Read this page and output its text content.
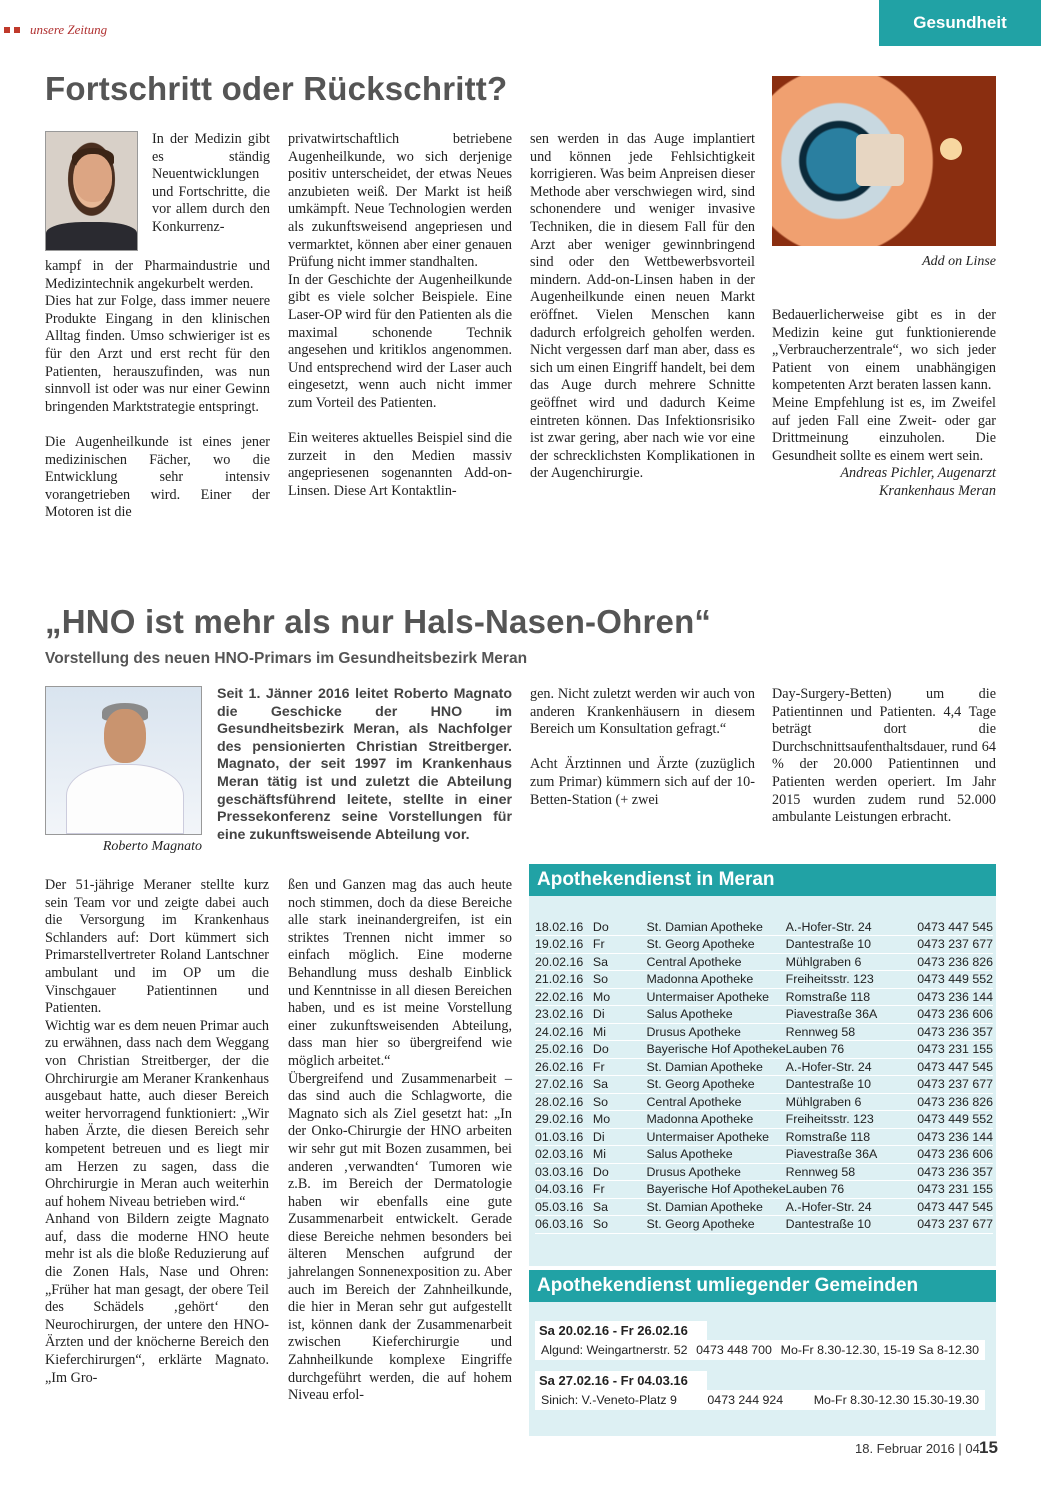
unsere Zeitung	Gesundheit
Fortschritt oder Rückschritt?

In der Medizin gibt es ständig Neuentwicklungen und Fortschritte, die vor allem durch den Konkurrenz-

kampf in der Pharmaindustrie und Medizintechnik angekurbelt werden.

Dies hat zur Folge, dass immer neuere Produkte Eingang in den klinischen Alltag finden. Umso schwieriger ist es für den Arzt und erst recht für den Patienten, herauszufinden, was nun sinnvoll ist oder was nur einer Gewinn bringenden Marktstrategie entspringt.

Die Augenheilkunde ist eines jener medizinischen Fächer, wo die Entwicklung sehr intensiv vorangetrieben wird. Einer der Motoren ist die

privatwirtschaftlich betriebene Augenheilkunde, wo sich derjenige positiv unterscheidet, der etwas Neues anzubieten weiß. Der Markt ist heiß umkämpft. Neue Technologien werden als zukunftsweisend angepriesen und vermarktet, können aber einer genauen Prüfung nicht immer standhalten.

In der Geschichte der Augenheilkunde gibt es viele solcher Beispiele. Eine Laser-OP wird für den Patienten als die maximal schonende Technik angesehen und kritiklos angenommen. Und entsprechend wird der Laser auch eingesetzt, wenn auch nicht immer zum Vorteil des Patienten.

Ein weiteres aktuelles Beispiel sind die zurzeit in den Medien massiv angepriesenen sogenannten Add-on-Linsen. Diese Art Kontaktlin-

sen werden in das Auge implantiert und können jede Fehlsichtigkeit korrigieren. Was beim Anpreisen dieser Methode aber verschwiegen wird, sind schonendere und weniger invasive Techniken, die in diesem Fall für den Arzt aber weniger gewinnbringend sind oder den Wettbewerbsvorteil mindern. Add-on-Linsen haben in der Augenheilkunde einen neuen Markt eröffnet. Vielen Menschen kann dadurch erfolgreich geholfen werden. Nicht vergessen darf man aber, dass es sich um einen Eingriff handelt, bei dem das Auge durch mehrere Schnitte geöffnet wird und dadurch Keime eintreten können. Das Infektionsrisiko ist zwar gering, aber nach wie vor eine der schrecklichsten Komplikationen in der Augenchirurgie.

Add on Linse

Bedauerlicherweise gibt es in der Medizin keine gut funktionierende „Verbraucherzentrale“, wo sich jeder Patient von einem unabhängigen kompetenten Arzt beraten lassen kann.

Meine Empfehlung ist es, im Zweifel auf jeden Fall eine Zweit- oder gar Drittmeinung einzuholen. Die Gesundheit sollte es einem wert sein.

Andreas Pichler, Augenarzt

Krankenhaus Meran

„HNO ist mehr als nur Hals-Nasen-Ohren“
Vorstellung des neuen HNO-Primars im Gesundheitsbezirk Meran
Roberto Magnato
Seit 1. Jänner 2016 leitet Roberto Magnato die Geschicke der HNO im Gesundheitsbezirk Meran, als Nachfolger des pensionierten Christian Streitberger. Magnato, der seit 1997 im Krankenhaus Meran tätig ist und zuletzt die Abteilung geschäftsführend leitete, stellte in einer Pressekonferenz seine Vorstellungen für eine zukunftsweisende Abteilung vor.

Der 51-jährige Meraner stellte kurz sein Team vor und zeigte dabei auch die Versorgung im Krankenhaus Schlanders auf: Dort kümmert sich Primarstellvertreter Roland Lantschner ambulant und im OP um die Vinschgauer Patientinnen und Patienten.

Wichtig war es dem neuen Primar auch zu erwähnen, dass nach dem Weggang von Christian Streitberger, der die Ohrchirurgie am Meraner Krankenhaus ausgebaut hatte, auch dieser Bereich weiter hervorragend funktioniert: „Wir haben Ärzte, die diesen Bereich sehr kompetent betreuen und es liegt mir am Herzen zu sagen, dass die Ohrchirurgie in Meran auch weiterhin auf hohem Niveau betrieben wird.“

Anhand von Bildern zeigte Magnato auf, dass die moderne HNO heute mehr ist als die bloße Reduzierung auf die Zonen Hals, Nase und Ohren: „Früher hat man gesagt, der obere Teil des Schädels ‚gehört‘ den Neurochirurgen, der untere den HNO-Ärzten und der knöcherne Bereich den Kieferchirurgen“, erklärte Magnato. „Im Gro-

ßen und Ganzen mag das auch heute noch stimmen, doch da diese Bereiche alle stark ineinandergreifen, ist ein striktes Trennen nicht immer so einfach möglich. Eine moderne Behandlung muss deshalb Einblick und Kenntnisse in all diesen Bereichen haben, und es ist meine Vorstellung einer zukunftsweisenden Abteilung, dass man hier so übergreifend wie möglich arbeitet.“

Übergreifend und Zusammenarbeit – das sind auch die Schlagworte, die Magnato sich als Ziel gesetzt hat: „In der Onko-Chirurgie der HNO arbeiten wir sehr gut mit Bozen zusammen, bei anderen ‚verwandten‘ Tumoren wie z.B. im Bereich der Dermatologie haben wir ebenfalls eine gute Zusammenarbeit entwickelt. Gerade diese Bereiche nehmen besonders bei älteren Menschen aufgrund der jahrelangen Sonnenexposition zu. Aber auch im Bereich der Zahnheilkunde, die hier in Meran sehr gut aufgestellt ist, können dank der Zusammenarbeit zwischen Kieferchirurgie und Zahnheilkunde komplexe Eingriffe durchgeführt werden, die auf hohem Niveau erfol-

gen. Nicht zuletzt werden wir auch von anderen Krankenhäusern in diesem Bereich um Konsultation gefragt.“

Acht Ärztinnen und Ärzte (zuzüglich zum Primar) kümmern sich auf der 10-Betten-Station (+ zwei

Day-Surgery-Betten) um die Patientinnen und Patienten. 4,4 Tage beträgt dort die Durchschnittsaufenthaltsdauer, rund 64 % der 20.000 Patientinnen und Patienten werden operiert. Im Jahr 2015 wurden zudem rund 52.000 ambulante Leistungen erbracht.

Apothekendienst in Meran
18.02.16	Do	St. Damian Apotheke	A.-Hofer-Str. 24	0473 447 545
19.02.16	Fr	St. Georg Apotheke	Dantestraße 10	0473 237 677
20.02.16	Sa	Central Apotheke	Mühlgraben 6	0473 236 826
21.02.16	So	Madonna Apotheke	Freiheitsstr. 123	0473 449 552
22.02.16	Mo	Untermaiser Apotheke	Romstraße 118	0473 236 144
23.02.16	Di	Salus Apotheke	Piavestraße 36A	0473 236 606
24.02.16	Mi	Drusus Apotheke	Rennweg 58	0473 236 357
25.02.16	Do	Bayerische Hof Apotheke	Lauben 76	0473 231 155
26.02.16	Fr	St. Damian Apotheke	A.-Hofer-Str. 24	0473 447 545
27.02.16	Sa	St. Georg Apotheke	Dantestraße 10	0473 237 677
28.02.16	So	Central Apotheke	Mühlgraben 6	0473 236 826
29.02.16	Mo	Madonna Apotheke	Freiheitsstr. 123	0473 449 552
01.03.16	Di	Untermaiser Apotheke	Romstraße 118	0473 236 144
02.03.16	Mi	Salus Apotheke	Piavestraße 36A	0473 236 606
03.03.16	Do	Drusus Apotheke	Rennweg 58	0473 236 357
04.03.16	Fr	Bayerische Hof Apotheke	Lauben 76	0473 231 155
05.03.16	Sa	St. Damian Apotheke	A.-Hofer-Str. 24	0473 447 545
06.03.16	So	St. Georg Apotheke	Dantestraße 10	0473 237 677
Apothekendienst umliegender Gemeinden
Sa 20.02.16 - Fr 26.02.16
Algund: Weingartnerstr. 52 0473 448 700 Mo-Fr 8.30-12.30, 15-19 Sa 8-12.30
Sa 27.02.16 - Fr 04.03.16
Sinich: V.-Veneto-Platz 9 0473 244 924 Mo-Fr 8.30-12.30 15.30-19.30
18. Februar 2016 | 04 15
